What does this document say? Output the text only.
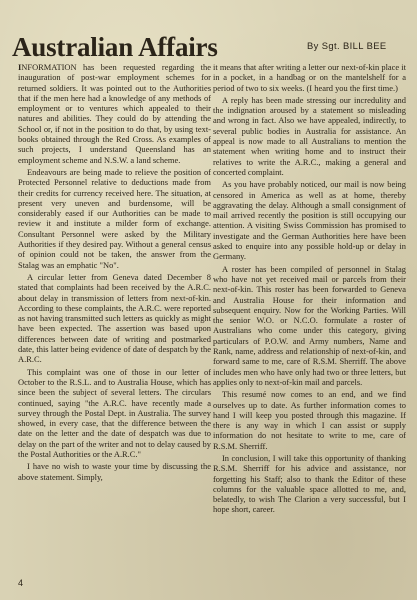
Australian Affairs	By Sgt. BILL BEE

INFORMATION has been requested regarding the inauguration of post-war employment schemes for returned soldiers. It was pointed out to the Authorities that if the men here had a knowledge of any methods of employment or to ventures which appealed to their natures and abilities. They could do by attending the School or, if not in the position to do that, by using text-books obtained through the Red Cross. As examples of such projects, I understand Queensland has an employment scheme and N.S.W. a land scheme.

Endeavours are being made to relieve the position of Protected Personnel relative to deductions made from their credits for currency received here. The situation, at present very uneven and burdensome, will be considerably eased if our Authorities can be made to review it and institute a milder form of exchange. Consultant Personnel were asked by the Military Authorities if they desired pay. Without a general census of opinion could not be taken, the answer from the Stalag was an emphatic "No".

A circular letter from Geneva dated December 8 stated that complaints had been received by the A.R.C. about delay in transmission of letters from next-of-kin. According to these complaints, the A.R.C. were reported as not having transmitted such letters as quickly as might have been expected. The assertion was based upon differences between date of writing and postmarked date, this latter being evidence of date of despatch by the A.R.C.

This complaint was one of those in our letter of October to the R.S.L. and to Australia House, which has since been the subject of several letters. The circulars continued, saying "the A.R.C. have recently made a survey through the Postal Dept. in Australia. The survey showed, in every case, that the difference between the date on the letter and the date of despatch was due to delay on the part of the writer and not to delay caused by the Postal Authorities or the A.R.C."

I have no wish to waste your time by discussing the above statement. Simply,

it means that after writing a letter our next-of-kin place it in a pocket, in a handbag or on the mantelshelf for a period of two to six weeks. (I heard you the first time.)

A reply has been made stressing our incredulity and the indignation aroused by a statement so misleading and wrong in fact. Also we have appealed, indirectly, to several public bodies in Australia for assistance. An appeal is now made to all Australians to mention the statement when writing home and to instruct their relatives to write the A.R.C., making a general and concerted complaint.

As you have probably noticed, our mail is now being censored in America as well as at home, thereby aggravating the delay. Although a small consignment of mail arrived recently the position is still occupying our attention. A visiting Swiss Commission has promised to investigate and the German Authorities here have been asked to enquire into any possible hold-up or delay in Germany.

A roster has been compiled of personnel in Stalag who have not yet received mail or parcels from their next-of-kin. This roster has been forwarded to Geneva and Australia House for their information and subsequent enquiry. Now for the Working Parties. Will the senior W.O. or N.C.O. formulate a roster of Australians who come under this category, giving particulars of P.O.W. and Army numbers, Name and Rank, name, address and relationship of next-of-kin, and forward same to me, care of R.S.M. Sherriff. The above includes men who have only had two or three letters, but applies only to next-of-kin mail and parcels.

This resumé now comes to an end, and we find ourselves up to date. As further information comes to hand I will keep you posted through this magazine. If there is any way in which I can assist or supply information do not hesitate to write to me, care of R.S.M. Sherriff.

In conclusion, I will take this opportunity of thanking R.S.M. Sherriff for his advice and assistance, nor forgetting his Staff; also to thank the Editor of these columns for the valuable space allotted to me, and, belatedly, to wish The Clarion a very successful, but I hope short, career.

4
